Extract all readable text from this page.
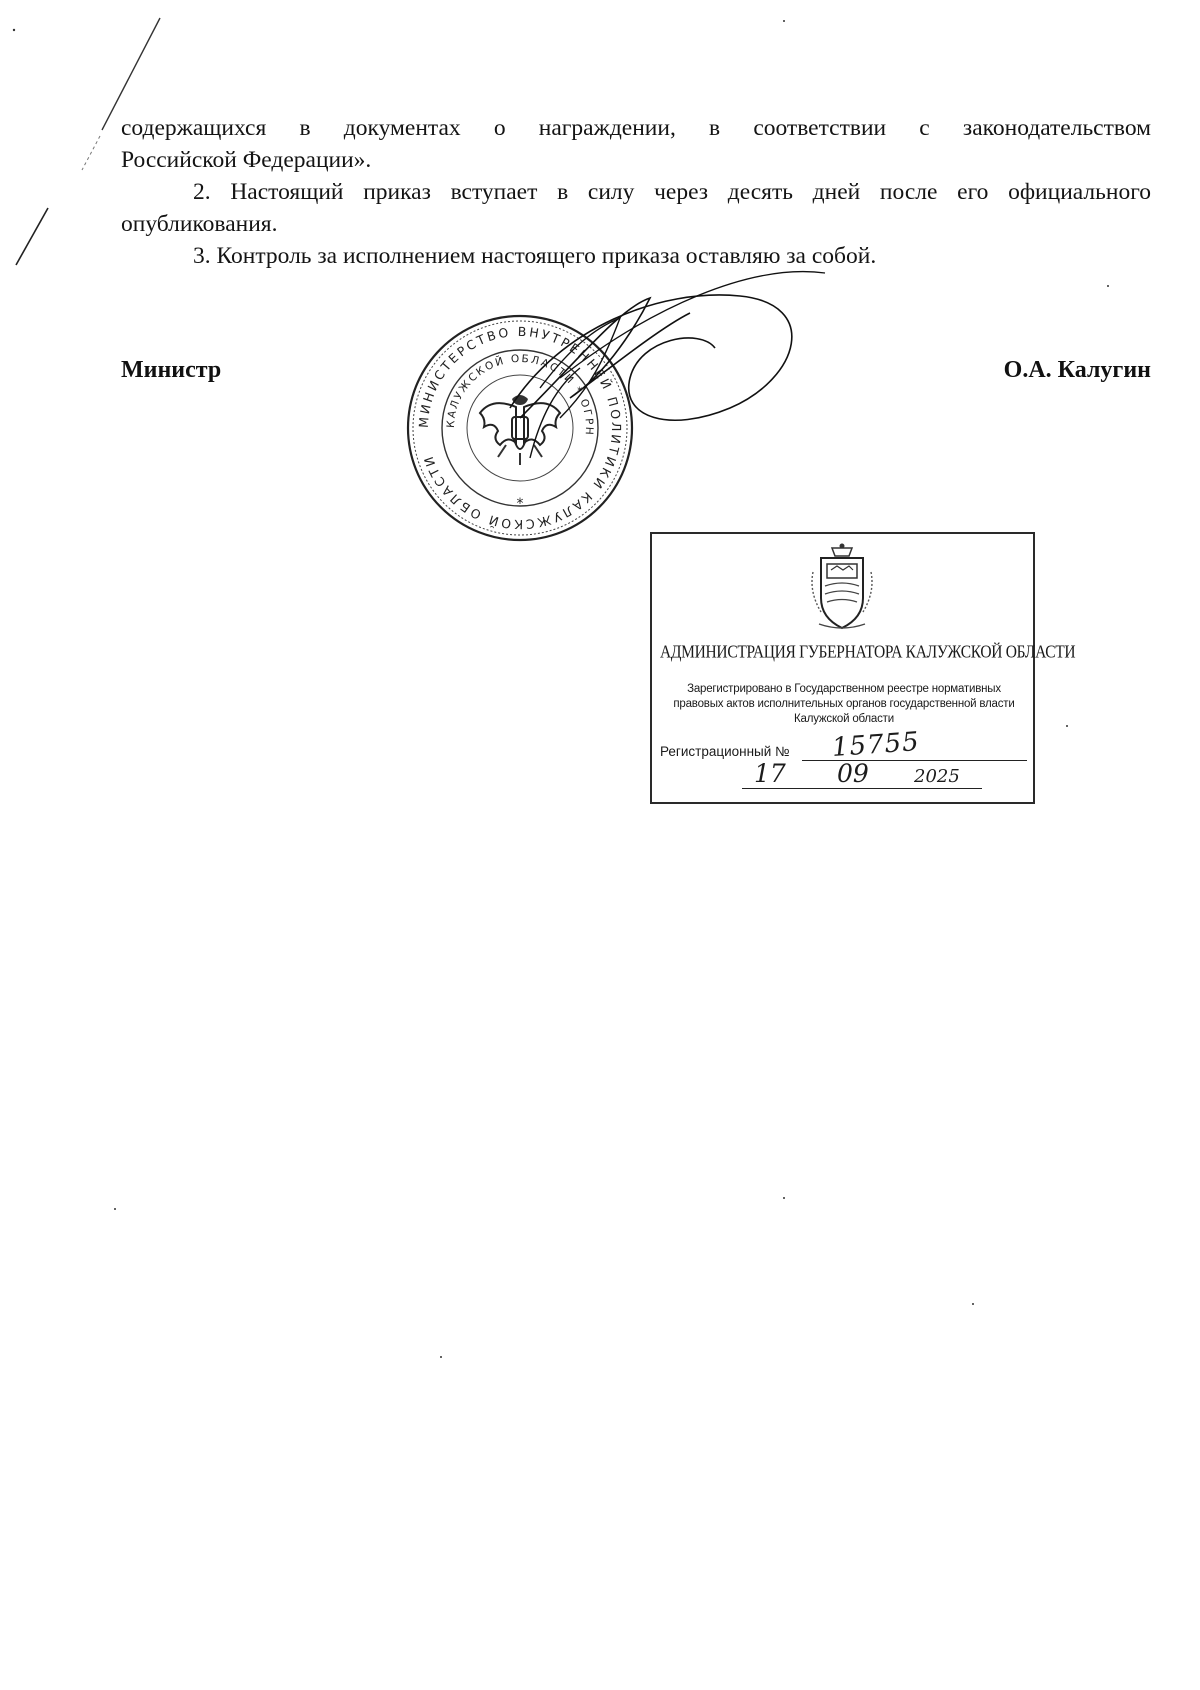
содержащихся в документах о награждении, в соответствии с законодательством
Российской Федерации».

2. Настоящий приказ вступает в силу через десять дней после его официального

опубликования.

3. Контроль за исполнением настоящего приказа оставляю за собой.

МИНИСТЕРСТВО ВНУТРЕННЕЙ ПОЛИТИКИ КАЛУЖСКОЙ ОБЛАСТИ
КАЛУЖСКОЙ ОБЛАСТИ * ОГРН
*
Министр	О.А. Калугин
АДМИНИСТРАЦИЯ ГУБЕРНАТОРА КАЛУЖСКОЙ ОБЛАСТИ
Зарегистрировано в Государственном реестре нормативных
правовых актов исполнительных органов государственной власти
Калужской области
Регистрационный № 15755
17 09	2025
